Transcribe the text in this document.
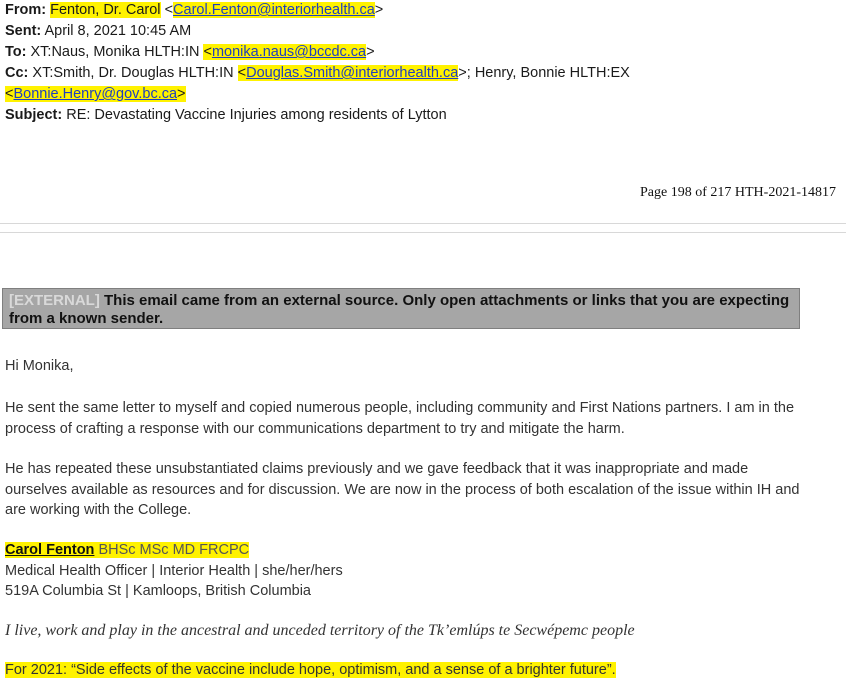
From: Fenton, Dr. Carol <Carol.Fenton@interiorhealth.ca>
Sent: April 8, 2021 10:45 AM
To: XT:Naus, Monika HLTH:IN <monika.naus@bccdc.ca>
Cc: XT:Smith, Dr. Douglas HLTH:IN <Douglas.Smith@interiorhealth.ca>; Henry, Bonnie HLTH:EX
<Bonnie.Henry@gov.bc.ca>
Subject: RE: Devastating Vaccine Injuries among residents of Lytton
Page 198 of 217 HTH-2021-14817
[EXTERNAL] This email came from an external source. Only open attachments or links that you are expecting from a known sender.
Hi Monika,
He sent the same letter to myself and copied numerous people, including community and First Nations partners. I am in the process of crafting a response with our communications department to try and mitigate the harm.
He has repeated these unsubstantiated claims previously and we gave feedback that it was inappropriate and made ourselves available as resources and for discussion. We are now in the process of both escalation of the issue within IH and are working with the College.
Carol Fenton BHSc MSc MD FRCPC
Medical Health Officer | Interior Health | she/her/hers
519A Columbia St | Kamloops, British Columbia
I live, work and play in the ancestral and unceded territory of the Tk’emlúps te Secwépemc people
For 2021: “Side effects of the vaccine include hope, optimism, and a sense of a brighter future”.
